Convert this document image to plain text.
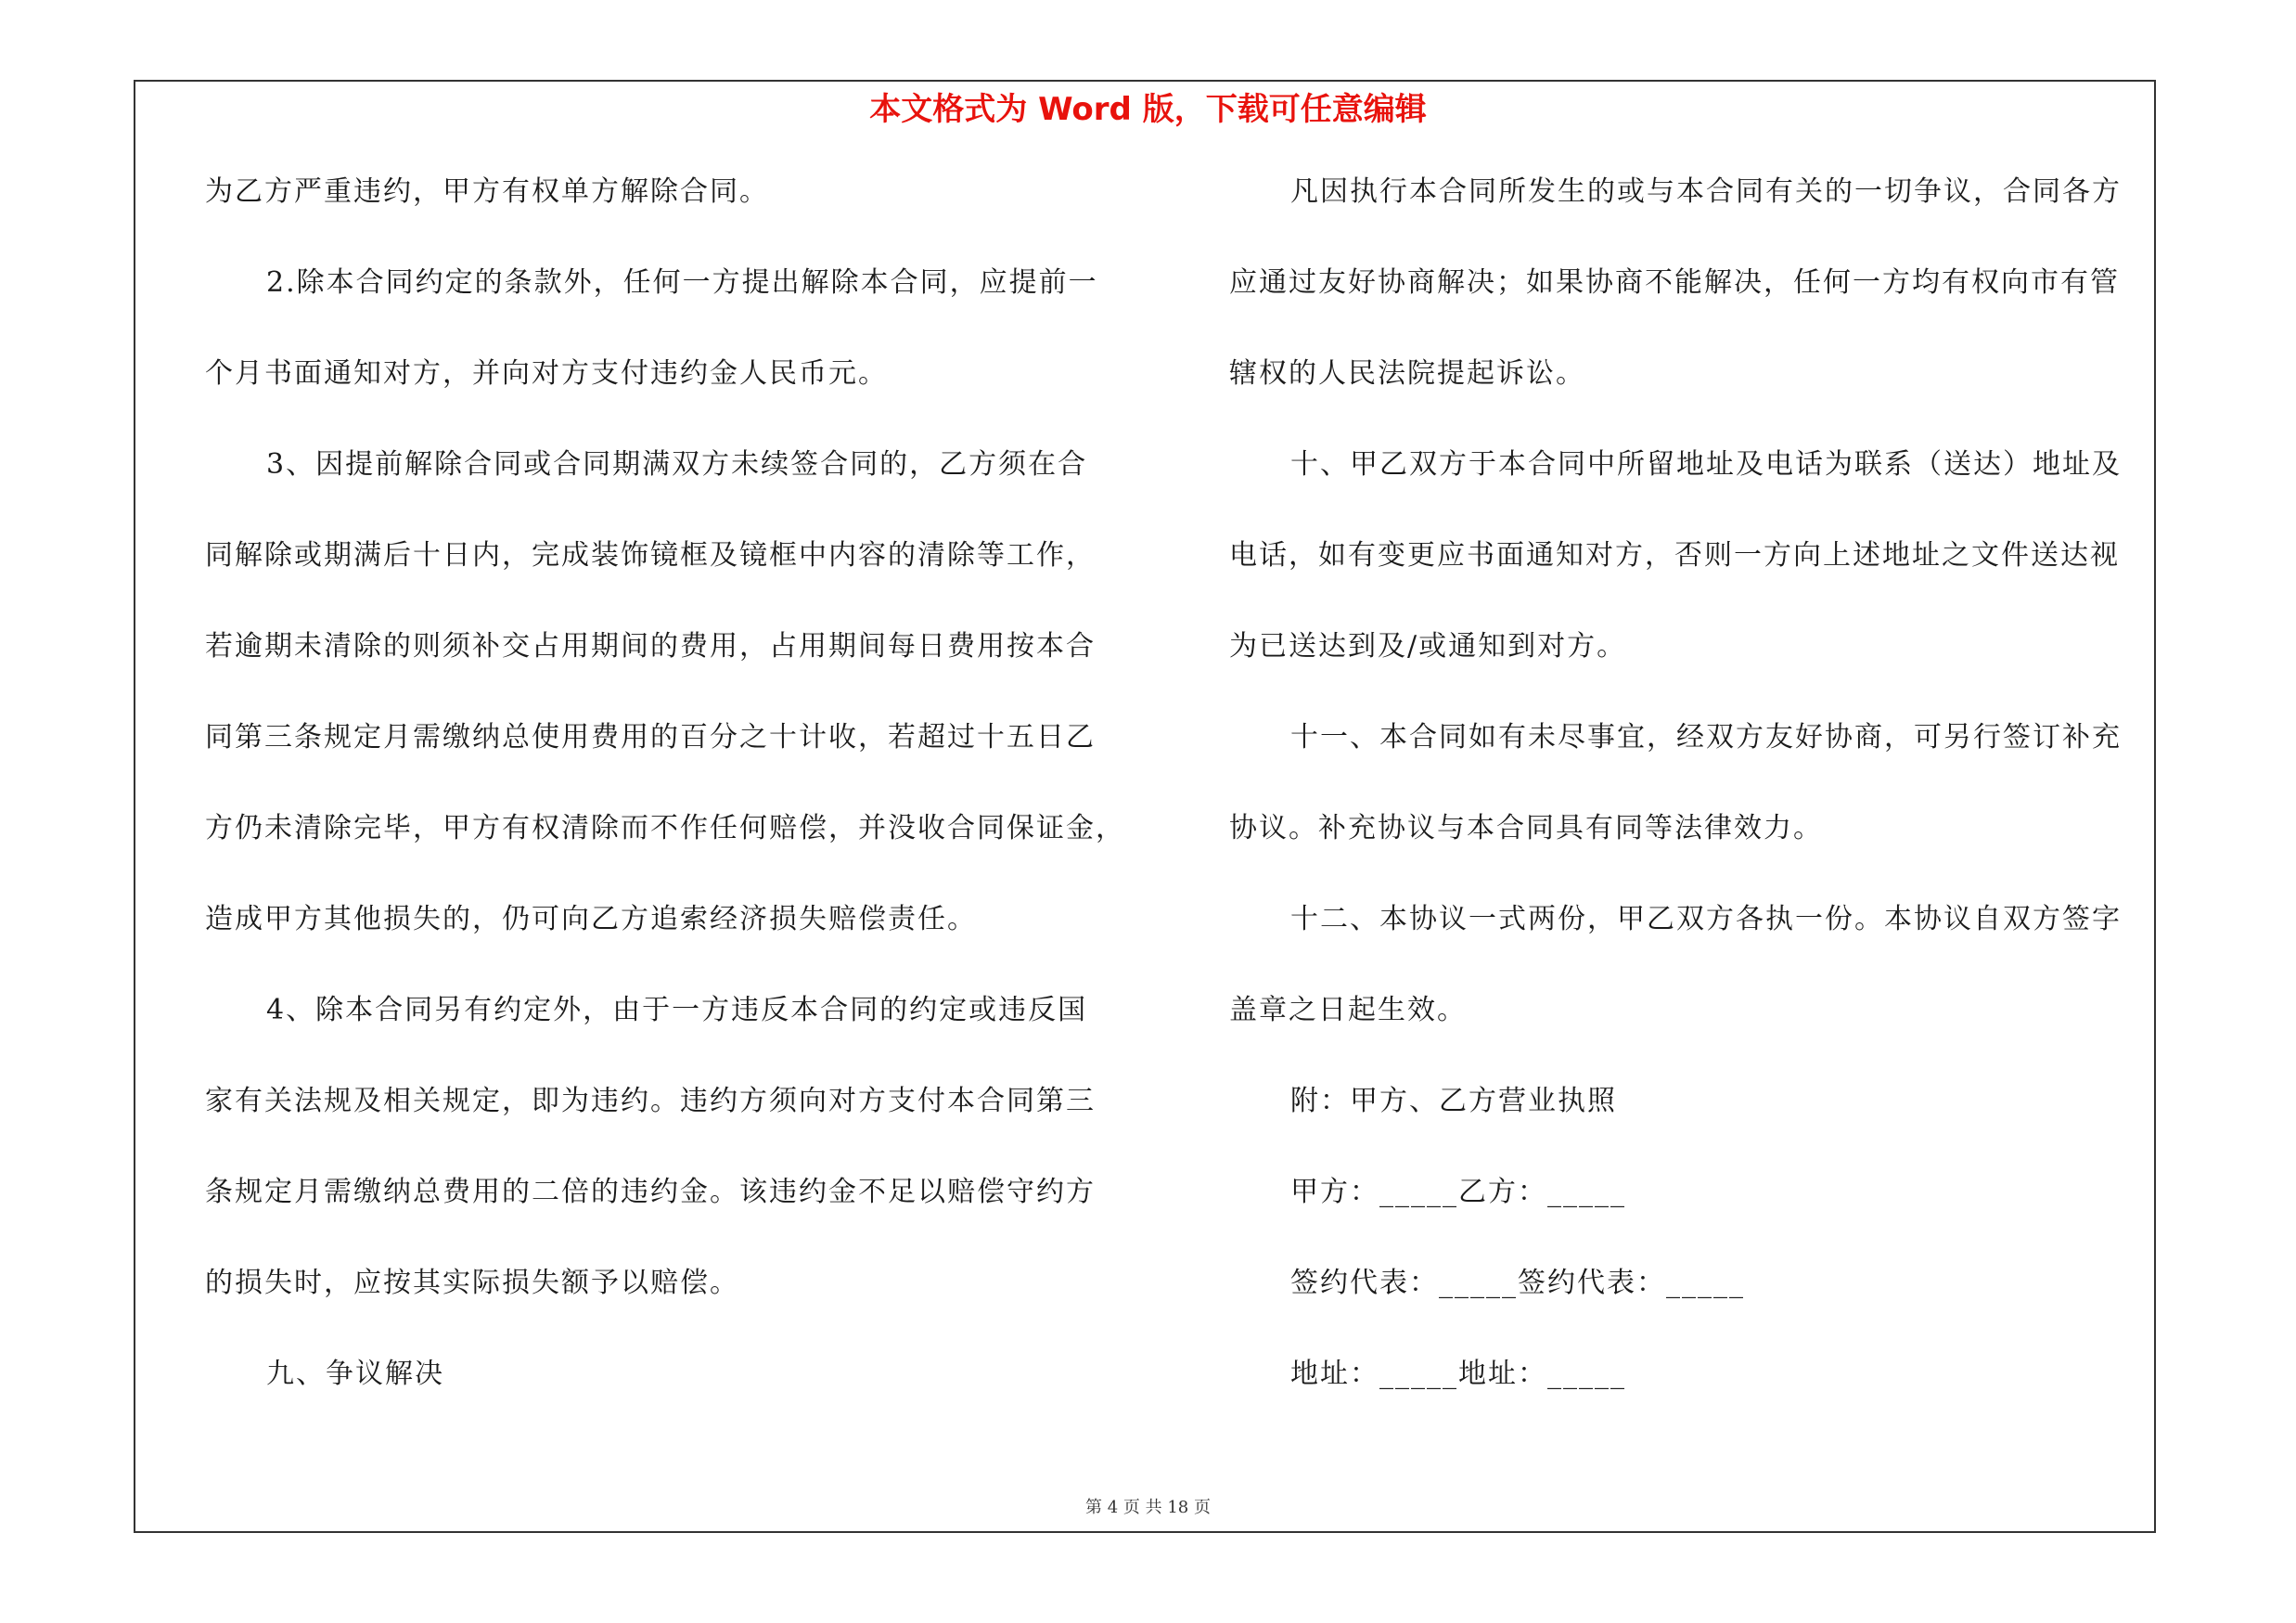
本文格式为 Word 版，下载可任意编辑
为乙方严重违约，甲方有权单方解除合同。
2.除本合同约定的条款外，任何一方提出解除本合同，应提前一
个月书面通知对方，并向对方支付违约金人民币元。
3、因提前解除合同或合同期满双方未续签合同的，乙方须在合
同解除或期满后十日内，完成装饰镜框及镜框中内容的清除等工作，
若逾期未清除的则须补交占用期间的费用，占用期间每日费用按本合
同第三条规定月需缴纳总使用费用的百分之十计收，若超过十五日乙
方仍未清除完毕，甲方有权清除而不作任何赔偿，并没收合同保证金，
造成甲方其他损失的，仍可向乙方追索经济损失赔偿责任。
4、除本合同另有约定外，由于一方违反本合同的约定或违反国
家有关法规及相关规定，即为违约。违约方须向对方支付本合同第三
条规定月需缴纳总费用的二倍的违约金。该违约金不足以赔偿守约方
的损失时，应按其实际损失额予以赔偿。
九、争议解决
凡因执行本合同所发生的或与本合同有关的一切争议，合同各方
应通过友好协商解决；如果协商不能解决，任何一方均有权向市有管
辖权的人民法院提起诉讼。
十、甲乙双方于本合同中所留地址及电话为联系（送达）地址及
电话，如有变更应书面通知对方，否则一方向上述地址之文件送达视
为已送达到及/或通知到对方。
十一、本合同如有未尽事宜，经双方友好协商，可另行签订补充
协议。补充协议与本合同具有同等法律效力。
十二、本协议一式两份，甲乙双方各执一份。本协议自双方签字
盖章之日起生效。
附：甲方、乙方营业执照
甲方：_____乙方：_____
签约代表：_____签约代表：_____
地址：_____地址：_____
第 4 页 共 18 页
